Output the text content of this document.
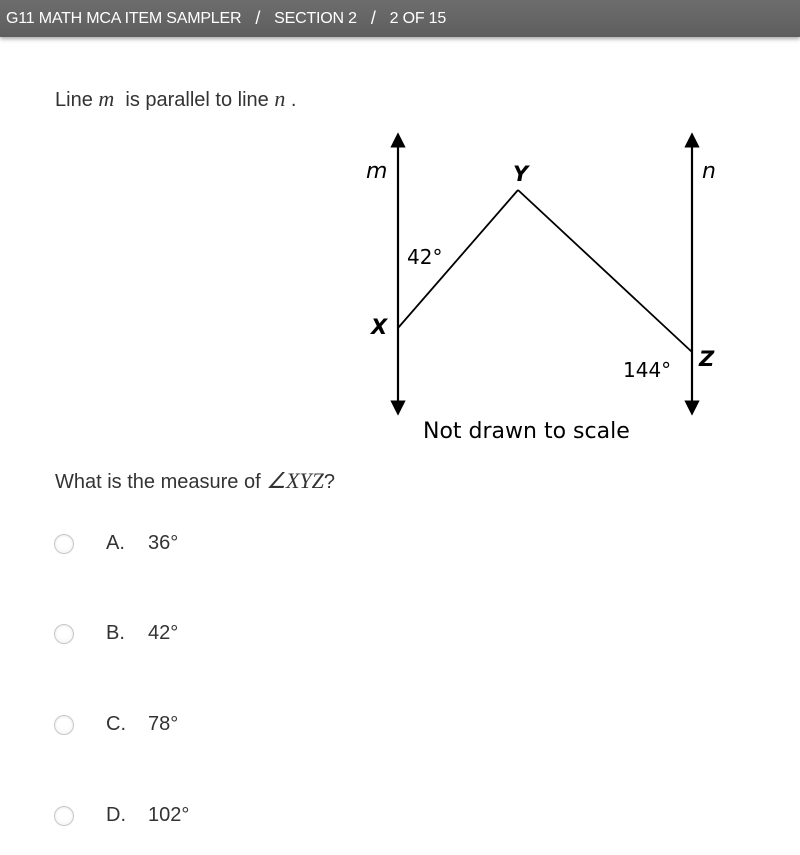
G11 MATH MCA ITEM SAMPLER / SECTION 2 / 2 OF 15
Line m  is parallel to line n .
m	n
Y
X
Z
42°
144°
Not drawn to scale
What is the measure of ∠XYZ?
A.	36°
B.	42°
C.	78°
D.	102°
